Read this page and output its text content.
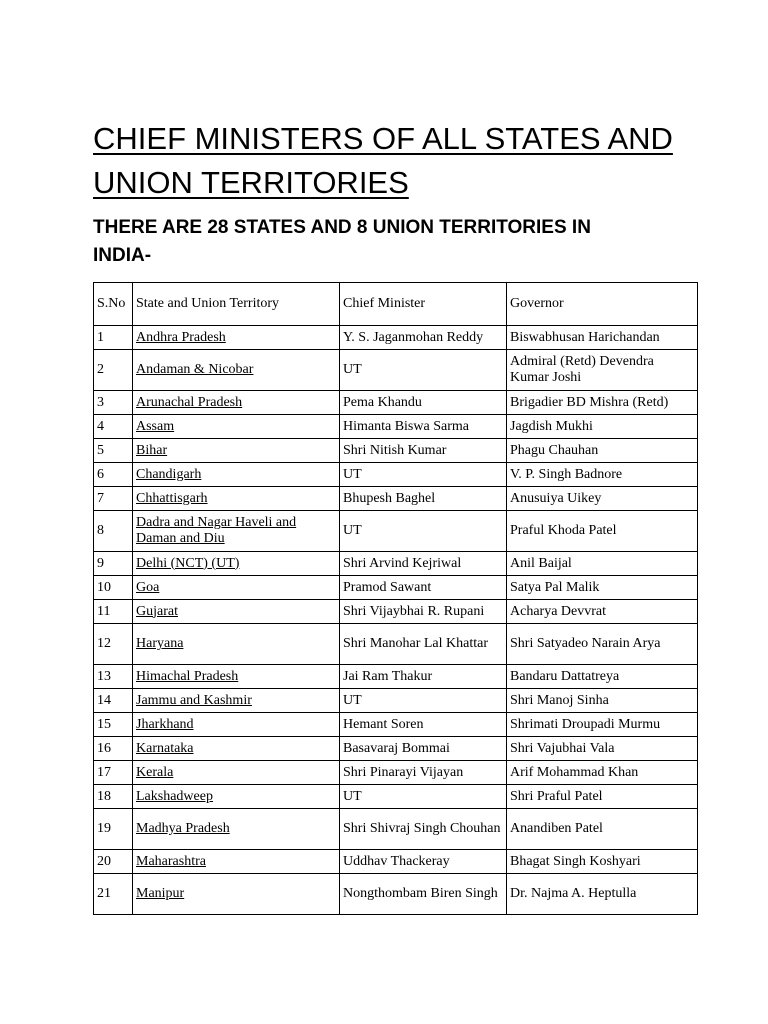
CHIEF MINISTERS OF ALL STATES AND UNION TERRITORIES
THERE ARE 28 STATES AND 8 UNION TERRITORIES IN INDIA-
S.No	State and Union Territory	Chief Minister	Governor
1	Andhra Pradesh	Y. S. Jaganmohan Reddy	Biswabhusan Harichandan
2	Andaman & Nicobar	UT	Admiral (Retd) Devendra Kumar Joshi
3	Arunachal Pradesh	Pema Khandu	Brigadier BD Mishra (Retd)
4	Assam	Himanta Biswa Sarma	Jagdish Mukhi
5	Bihar	Shri Nitish Kumar	Phagu Chauhan
6	Chandigarh	UT	V. P. Singh Badnore
7	Chhattisgarh	Bhupesh Baghel	Anusuiya Uikey
8	Dadra and Nagar Haveli and Daman and Diu	UT	Praful Khoda Patel
9	Delhi (NCT) (UT)	Shri Arvind Kejriwal	Anil Baijal
10	Goa	Pramod Sawant	Satya Pal Malik
11	Gujarat	Shri Vijaybhai R. Rupani	Acharya Devvrat
12	Haryana	Shri Manohar Lal Khattar	Shri Satyadeo Narain Arya
13	Himachal Pradesh	Jai Ram Thakur	Bandaru Dattatreya
14	Jammu and Kashmir	UT	Shri Manoj Sinha
15	Jharkhand	Hemant Soren	Shrimati Droupadi Murmu
16	Karnataka	Basavaraj Bommai	Shri Vajubhai Vala
17	Kerala	Shri Pinarayi Vijayan	Arif Mohammad Khan
18	Lakshadweep	UT	Shri Praful Patel
19	Madhya Pradesh	Shri Shivraj Singh Chouhan	Anandiben Patel
20	Maharashtra	Uddhav Thackeray	Bhagat Singh Koshyari
21	Manipur	Nongthombam Biren Singh	Dr. Najma A. Heptulla
